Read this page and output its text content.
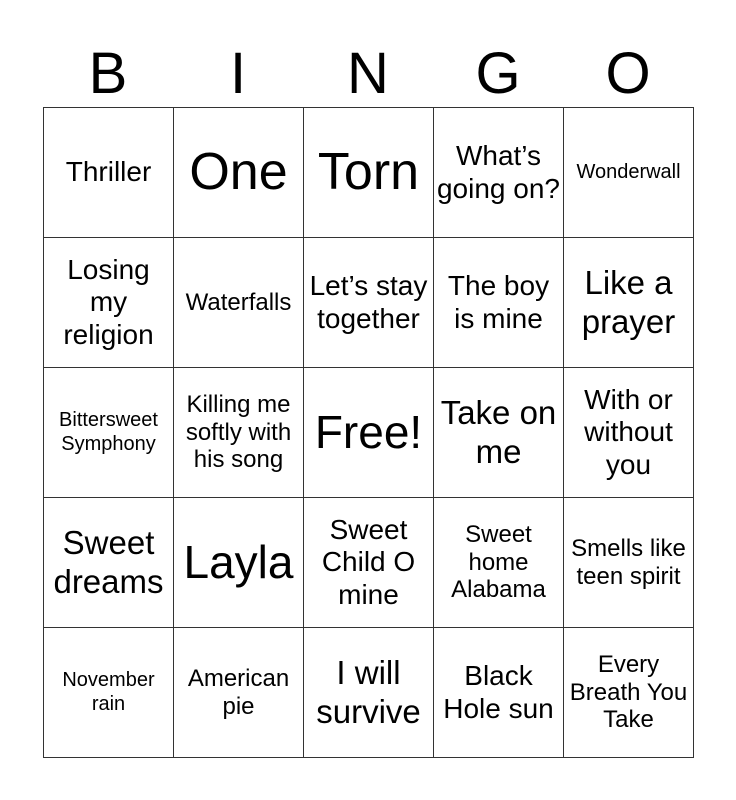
B	I	N	G	O
Thriller	One	Torn	What’s going on?	Wonderwall
Losing my religion	Waterfalls	Let’s stay together	The boy is mine	Like a prayer
Bittersweet Symphony	Killing me softly with his song	Free!	Take on me	With or without you
Sweet dreams	Layla	Sweet Child O mine	Sweet home Alabama	Smells like teen spirit
November rain	American pie	I will survive	Black Hole sun	Every Breath You Take
